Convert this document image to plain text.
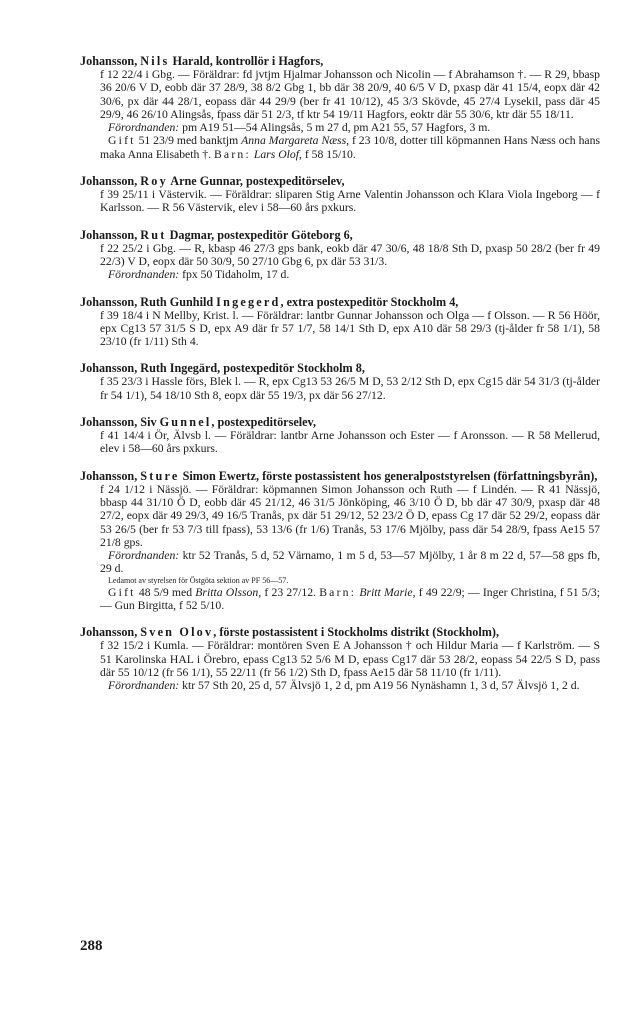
Johansson, Nils Harald, kontrollör i Hagfors,

f 12 22/4 i Gbg. — Föräldrar: fd jvtjm Hjalmar Johansson och Nicolin — f Abrahamson †. — R 29, bbasp 36 20/6 V D, eobb där 37 28/9, 38 8/2 Gbg 1, bb där 38 20/9, 40 6/5 V D, pxasp där 41 15/4, eopx där 42 30/6, px där 44 28/1, eopass där 44 29/9 (ber fr 41 10/12), 45 3/3 Skövde, 45 27/4 Lysekil, pass där 45 29/9, 46 26/10 Alingsås, fpass där 51 2/3, tf ktr 54 19/11 Hagfors, eoktr där 55 30/6, ktr där 55 18/11.

Förordnanden: pm A19 51—54 Alingsås, 5 m 27 d, pm A21 55, 57 Hagfors, 3 m.

Gift 51 23/9 med banktjm Anna Margareta Næss, f 23 10/8, dotter till köpmannen Hans Næss och hans maka Anna Elisabeth †. Barn: Lars Olof, f 58 15/10.

Johansson, Roy Arne Gunnar, postexpeditörselev,

f 39 25/11 i Västervik. — Föräldrar: sliparen Stig Arne Valentin Johansson och Klara Viola Ingeborg — f Karlsson. — R 56 Västervik, elev i 58—60 års pxkurs.

Johansson, Rut Dagmar, postexpeditör Göteborg 6,

f 22 25/2 i Gbg. — R, kbasp 46 27/3 gps bank, eokb där 47 30/6, 48 18/8 Sth D, pxasp 50 28/2 (ber fr 49 22/3) V D, eopx där 50 30/9, 50 27/10 Gbg 6, px där 53 31/3.

Förordnanden: fpx 50 Tidaholm, 17 d.

Johansson, Ruth Gunhild Ingegerd, extra postexpeditör Stockholm 4,

f 39 18/4 i N Mellby, Krist. l. — Föräldrar: lantbr Gunnar Johansson och Olga — f Olsson. — R 56 Höör, epx Cg13 57 31/5 S D, epx A9 där fr 57 1/7, 58 14/1 Sth D, epx A10 där 58 29/3 (tj-ålder fr 58 1/1), 58 23/10 (fr 1/11) Sth 4.

Johansson, Ruth Ingegärd, postexpeditör Stockholm 8,

f 35 23/3 i Hassle förs, Blek l. — R, epx Cg13 53 26/5 M D, 53 2/12 Sth D, epx Cg15 där 54 31/3 (tj-ålder fr 54 1/1), 54 18/10 Sth 8, eopx där 55 19/3, px där 56 27/12.

Johansson, Siv Gunnel, postexpeditörselev,

f 41 14/4 i Ör, Älvsb l. — Föräldrar: lantbr Arne Johansson och Ester — f Aronsson. — R 58 Mellerud, elev i 58—60 års pxkurs.

Johansson, Sture Simon Ewertz, förste postassistent hos generalpoststyrelsen (författningsbyrån),

f 24 1/12 i Nässjö. — Föräldrar: köpmannen Simon Johansson och Ruth — f Lindén. — R 41 Nässjö, bbasp 44 31/10 Ö D, eobb där 45 21/12, 46 31/5 Jönköping, 46 3/10 Ö D, bb där 47 30/9, pxasp där 48 27/2, eopx där 49 29/3, 49 16/5 Tranås, px där 51 29/12, 52 23/2 Ö D, epass Cg 17 där 52 29/2, eopass där 53 26/5 (ber fr 53 7/3 till fpass), 53 13/6 (fr 1/6) Tranås, 53 17/6 Mjölby, pass där 54 28/9, fpass Ae15 57 21/8 gps.

Förordnanden: ktr 52 Tranås, 5 d, 52 Värnamo, 1 m 5 d, 53—57 Mjölby, 1 år 8 m 22 d, 57—58 gps fb, 29 d.

Ledamot av styrelsen för Östgöta sektion av PF 56—57.

Gift 48 5/9 med Britta Olsson, f 23 27/12. Barn: Britt Marie, f 49 22/9; — Inger Christina, f 51 5/3; — Gun Birgitta, f 52 5/10.

Johansson, Sven Olov, förste postassistent i Stockholms distrikt (Stockholm),

f 32 15/2 i Kumla. — Föräldrar: montören Sven E A Johansson † och Hildur Maria — f Karlström. — S 51 Karolinska HAL i Örebro, epass Cg13 52 5/6 M D, epass Cg17 där 53 28/2, eopass 54 22/5 S D, pass där 55 10/12 (fr 56 1/1), 55 22/11 (fr 56 1/2) Sth D, fpass Ae15 där 58 11/10 (fr 1/11).

Förordnanden: ktr 57 Sth 20, 25 d, 57 Älvsjö 1, 2 d, pm A19 56 Nynäshamn 1, 3 d, 57 Älvsjö 1, 2 d.

288
